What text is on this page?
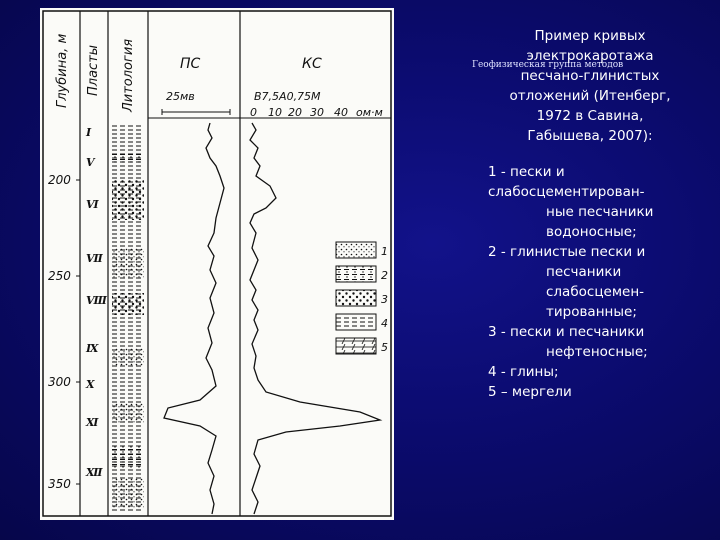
Глубина, м Пласты Литология	ПС	КС
25мв	В7,5А0,75М
0 10 20 30 40 ом·м
200
250
300
350
Ⅰ
Ⅴ
Ⅵ
Ⅶ
Ⅷ
Ⅸ
Ⅹ
Ⅺ
Ⅻ
1
2
3
4
5
Геофизическая группа методов
Пример кривых
электрокаротажа
песчано-глинистых
отложений (Итенберг,
1972 в Савина,
Габышева, 2007):
1 - пески и
слабосцементирован-
ные песчаники
водоносные;
2 - глинистые пески и
песчаники
слабосцемен-
тированные;
3 - пески и песчаники
нефтеносные;
4 - глины;
5 – мергели
